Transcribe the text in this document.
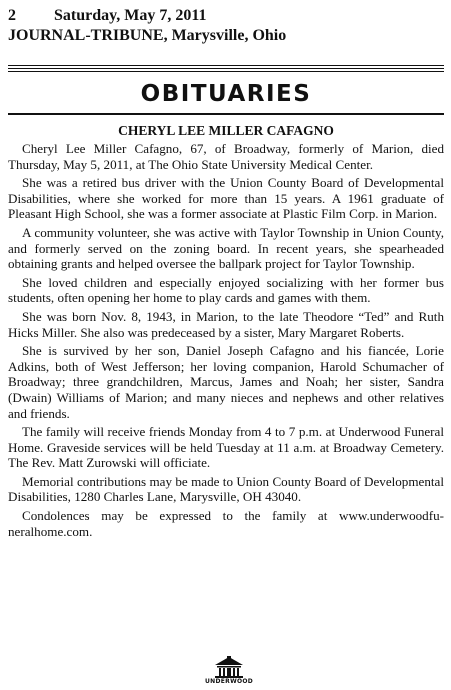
2 Saturday, May 7, 2011
JOURNAL-TRIBUNE, Marysville, Ohio
OBITUARIES
CHERYL LEE MILLER CAFAGNO

Cheryl Lee Miller Cafagno, 67, of Broadway, formerly of Marion, died Thursday, May 5, 2011, at The Ohio State University Medical Center.

She was a retired bus driver with the Union County Board of Developmental Disabilities, where she worked for more than 15 years. A 1961 graduate of Pleasant High School, she was a former associate at Plastic Film Corp. in Marion.

A community volunteer, she was active with Taylor Township in Union County, and formerly served on the zoning board. In recent years, she spearheaded obtaining grants and helped oversee the ballpark project for Taylor Township.

She loved children and especially enjoyed socializing with her former bus students, often opening her home to play cards and games with them.

She was born Nov. 8, 1943, in Marion, to the late Theodore “Ted” and Ruth Hicks Miller. She also was predeceased by a sister, Mary Margaret Roberts.

She is survived by her son, Daniel Joseph Cafagno and his fiancée, Lorie Adkins, both of West Jefferson; her loving companion, Harold Schumacher of Broadway; three grandchildren, Marcus, James and Noah; her sister, Sandra (Dwain) Williams of Marion; and many nieces and nephews and other relatives and friends.

The family will receive friends Monday from 4 to 7 p.m. at Underwood Funeral Home. Graveside services will be held Tuesday at 11 a.m. at Broadway Cemetery. The Rev. Matt Zurowski will officiate.

Memorial contributions may be made to Union County Board of Developmental Disabilities, 1280 Charles Lane, Marysville, OH 43040.

Condolences may be expressed to the family at www.underwoodfuneralhome.com.

UNDERWOOD
